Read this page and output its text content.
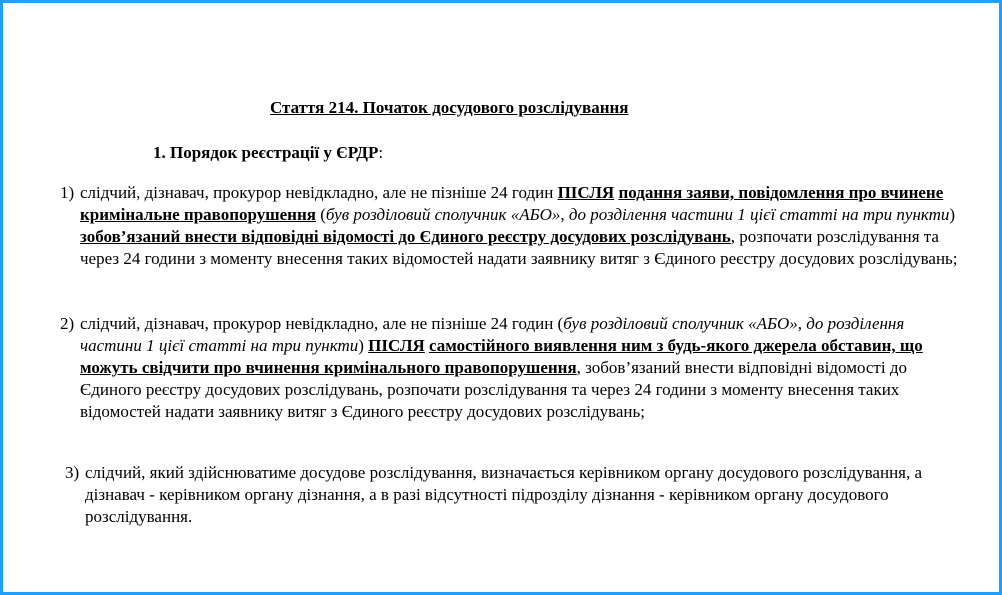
Стаття 214. Початок досудового розслідування
1. Порядок реєстрації у ЄРДР:
1) слідчий, дізнавач, прокурор невідкладно, але не пізніше 24 годин ПІСЛЯ подання заяви, повідомлення про вчинене кримінальне правопорушення (був розділовий сполучник «АБО», до розділення частини 1 цієї статті на три пункти) зобов’язаний внести відповідні відомості до Єдиного реєстру досудових розслідувань, розпочати розслідування та через 24 години з моменту внесення таких відомостей надати заявнику витяг з Єдиного реєстру досудових розслідувань;
2) слідчий, дізнавач, прокурор невідкладно, але не пізніше 24 годин (був розділовий сполучник «АБО», до розділення частини 1 цієї статті на три пункти) ПІСЛЯ самостійного виявлення ним з будь-якого джерела обставин, що можуть свідчити про вчинення кримінального правопорушення, зобов’язаний внести відповідні відомості до Єдиного реєстру досудових розслідувань, розпочати розслідування та через 24 години з моменту внесення таких відомостей надати заявнику витяг з Єдиного реєстру досудових розслідувань;
3) слідчий, який здійснюватиме досудове розслідування, визначається керівником органу досудового розслідування, а дізнавач - керівником органу дізнання, а в разі відсутності підрозділу дізнання - керівником органу досудового розслідування.
